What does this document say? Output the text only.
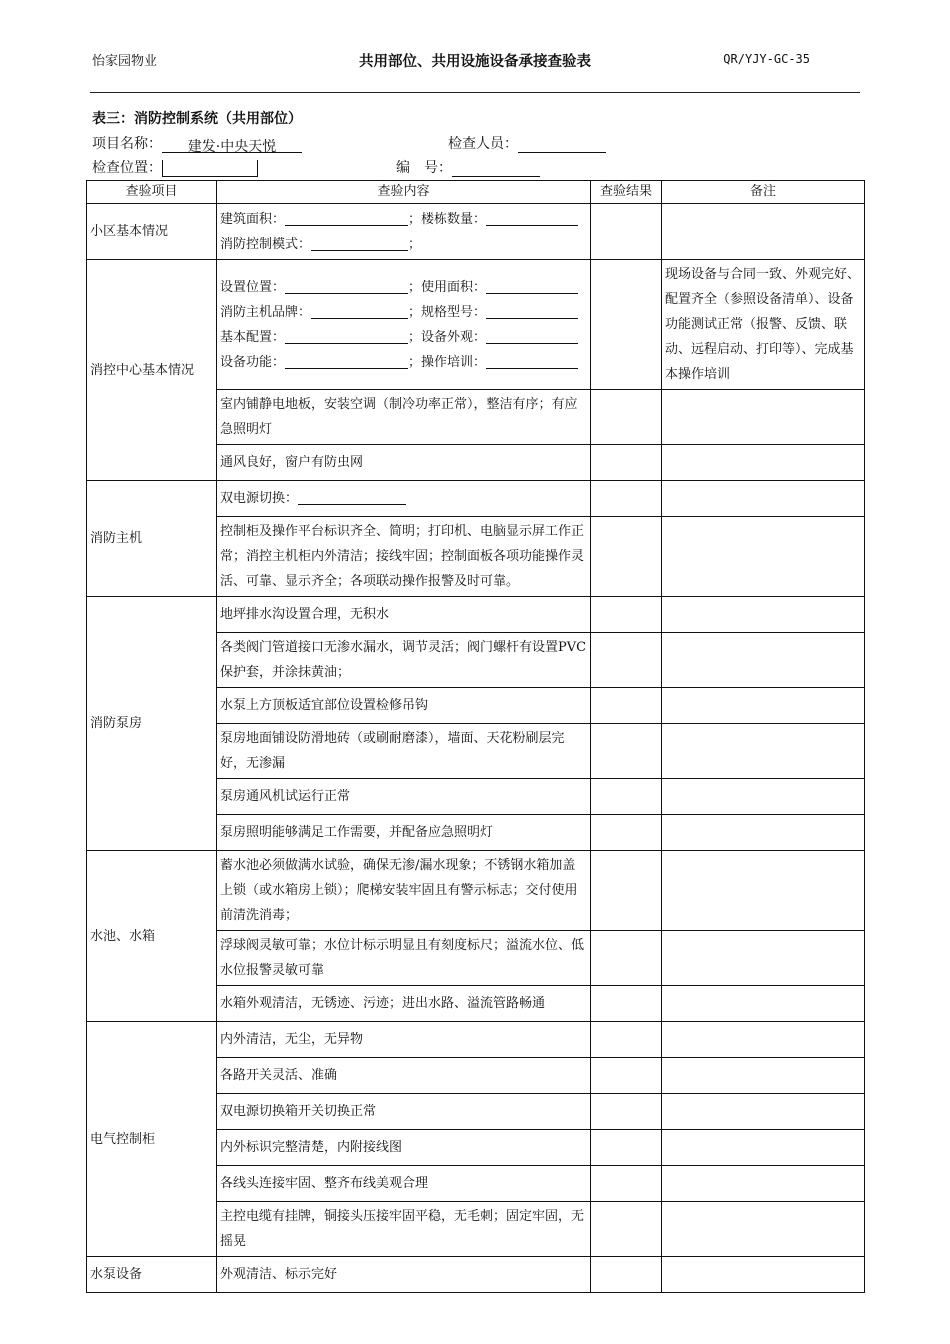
怡家园物业	共用部位、共用设施设备承接查验表	QR/YJY-GC-35
表三：消防控制系统（共用部位）
项目名称： 建发·中央天悦	检查人员：
检查位置：	编　号：
查验项目	查验内容	查验结果	备注
小区基本情况	建筑面积： ；楼栋数量：
消防控制模式： ；		

消控中心基本情况	设置位置： ；使用面积：
消防主机品牌： ；规格型号：
基本配置： ；设备外观：
设备功能： ；操作培训：		现场设备与合同一致、外观完好、配置齐全（参照设备清单）、设备功能测试正常（报警、反馈、联动、远程启动、打印等）、完成基本操作培训
	室内铺静电地板，安装空调（制冷功率正常），整洁有序；有应急照明灯		
	通风良好，窗户有防虫网		
消防主机	双电源切换：		

	控制柜及操作平台标识齐全、简明；打印机、电脑显示屏工作正常；消控主机柜内外清洁；接线牢固；控制面板各项功能操作灵活、可靠、显示齐全；各项联动操作报警及时可靠。		
消防泵房	地坪排水沟设置合理，无积水		
	各类阀门管道接口无渗水漏水，调节灵活；阀门螺杆有设置PVC保护套，并涂抹黄油；		
	水泵上方顶板适宜部位设置检修吊钩		
	泵房地面铺设防滑地砖（或刷耐磨漆），墙面、天花粉刷层完好，无渗漏		
	泵房通风机试运行正常		
	泵房照明能够满足工作需要，并配备应急照明灯		
水池、水箱	蓄水池必须做满水试验，确保无渗/漏水现象；不锈钢水箱加盖上锁（或水箱房上锁）；爬梯安装牢固且有警示标志；交付使用前清洗消毒；		
	浮球阀灵敏可靠；水位计标示明显且有刻度标尺；溢流水位、低水位报警灵敏可靠		
	水箱外观清洁，无锈迹、污迹；进出水路、溢流管路畅通		
电气控制柜	内外清洁，无尘，无异物		
	各路开关灵活、准确		
	双电源切换箱开关切换正常		
	内外标识完整清楚，内附接线图		
	各线头连接牢固、整齐布线美观合理		
	主控电缆有挂牌，铜接头压接牢固平稳，无毛刺；固定牢固，无摇晃		
水泵设备	外观清洁、标示完好		
